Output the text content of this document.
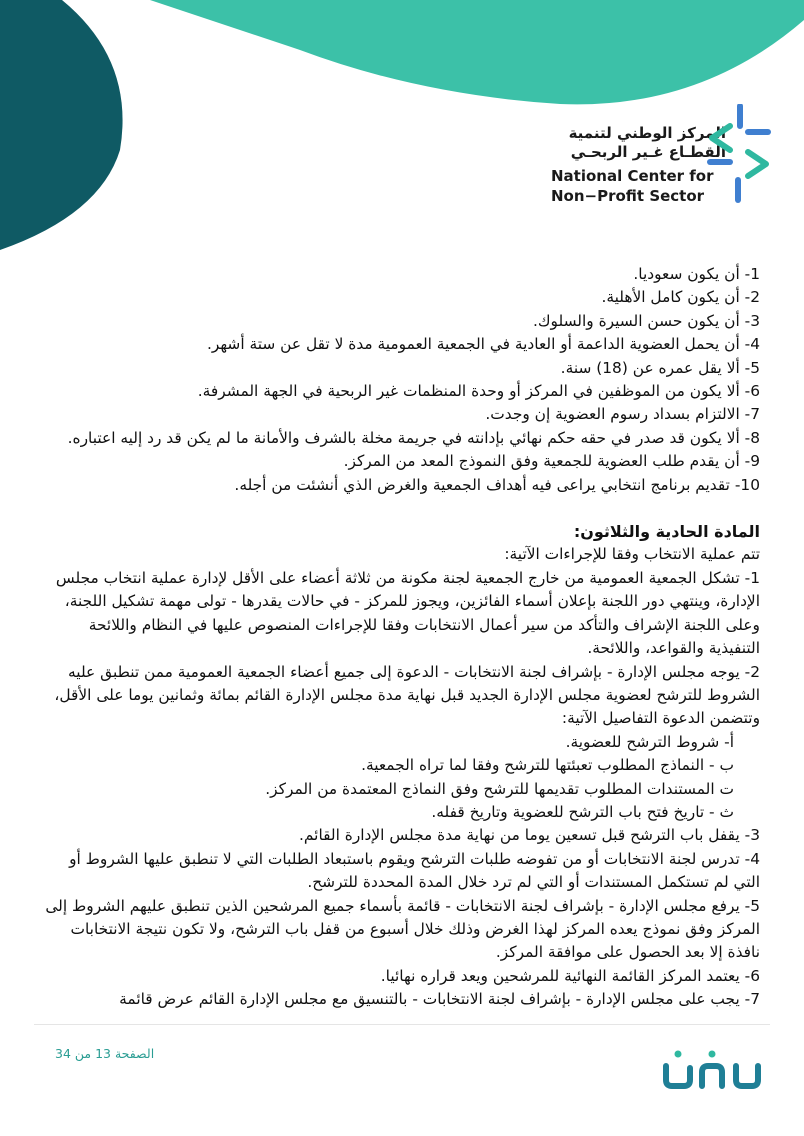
المركز الوطني لتنمية
القطـاع غـير الربحـي
National Center for
Non−Profit Sector

1- أن يكون سعوديا.

2- أن يكون كامل الأهلية.

3- أن يكون حسن السيرة والسلوك.

4- أن يحمل العضوية الداعمة أو العادية في الجمعية العمومية مدة لا تقل عن ستة أشهر.

5- ألا يقل عمره عن (18) سنة.

6- ألا يكون من الموظفين في المركز أو وحدة المنظمات غير الربحية في الجهة المشرفة.

7- الالتزام بسداد رسوم العضوية إن وجدت.

8- ألا يكون قد صدر في حقه حكم نهائي بإدانته في جريمة مخلة بالشرف والأمانة ما لم يكن قد رد إليه اعتباره.

9- أن يقدم طلب العضوية للجمعية وفق النموذج المعد من المركز.

10- تقديم برنامج انتخابي يراعى فيه أهداف الجمعية والغرض الذي أنشئت من أجله.

المادة الحادية والثلاثون:

تتم عملية الانتخاب وفقا للإجراءات الآتية:

1- تشكل الجمعية العمومية من خارج الجمعية لجنة مكونة من ثلاثة أعضاء على الأقل لإدارة عملية انتخاب مجلس الإدارة، وينتهي دور اللجنة بإعلان أسماء الفائزين، ويجوز للمركز - في حالات يقدرها - تولى مهمة تشكيل اللجنة، وعلى اللجنة الإشراف والتأكد من سير أعمال الانتخابات وفقا للإجراءات المنصوص عليها في النظام واللائحة التنفيذية والقواعد، واللائحة.

2- يوجه مجلس الإدارة - بإشراف لجنة الانتخابات - الدعوة إلى جميع أعضاء الجمعية العمومية ممن تنطبق عليه الشروط للترشح لعضوية مجلس الإدارة الجديد قبل نهاية مدة مجلس الإدارة القائم بمائة وثمانين يوما على الأقل، وتتضمن الدعوة التفاصيل الآتية:

أ- شروط الترشح للعضوية.

ب - النماذج المطلوب تعبئتها للترشح وفقا لما تراه الجمعية.

ت المستندات المطلوب تقديمها للترشح وفق النماذج المعتمدة من المركز.

ث - تاريخ فتح باب الترشح للعضوية وتاريخ قفله.

3- يقفل باب الترشح قبل تسعين يوما من نهاية مدة مجلس الإدارة القائم.

4- تدرس لجنة الانتخابات أو من تفوضه طلبات الترشح ويقوم باستبعاد الطلبات التي لا تنطبق عليها الشروط أو التي لم تستكمل المستندات أو التي لم ترد خلال المدة المحددة للترشح.

5- يرفع مجلس الإدارة - بإشراف لجنة الانتخابات - قائمة بأسماء جميع المرشحين الذين تنطبق عليهم الشروط إلى المركز وفق نموذج يعده المركز لهذا الغرض وذلك خلال أسبوع من قفل باب الترشح، ولا تكون نتيجة الانتخابات نافذة إلا بعد الحصول على موافقة المركز.

6- يعتمد المركز القائمة النهائية للمرشحين ويعد قراره نهائيا.

7- يجب على مجلس الإدارة - بإشراف لجنة الانتخابات - بالتنسيق مع مجلس الإدارة القائم عرض قائمة

الصفحة 13 من 34
